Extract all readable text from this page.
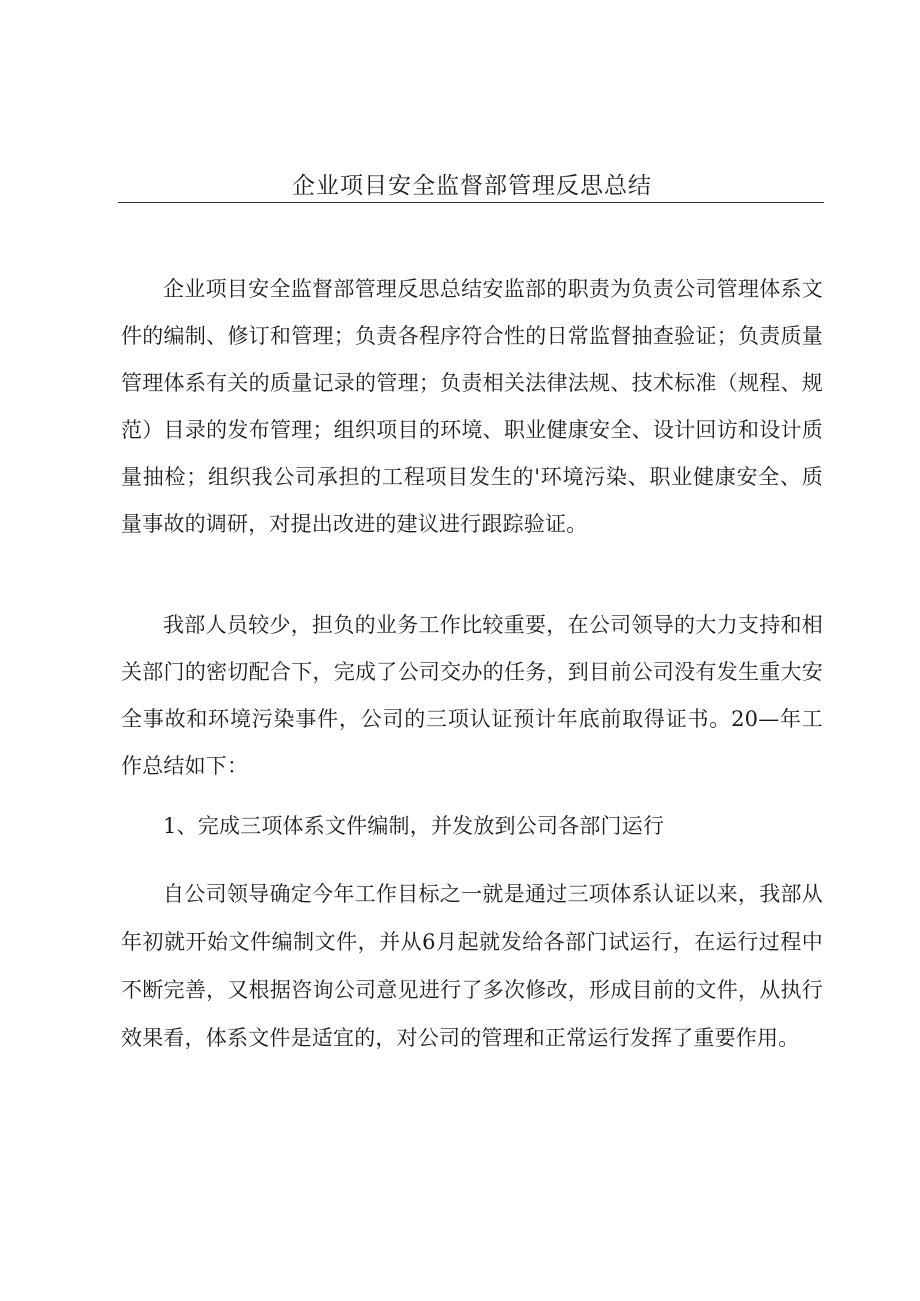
企业项目安全监督部管理反思总结

企业项目安全监督部管理反思总结安监部的职责为负责公司管理体系文件的编制、修订和管理；负责各程序符合性的日常监督抽查验证；负责质量管理体系有关的质量记录的管理；负责相关法律法规、技术标准（规程、规范）目录的发布管理；组织项目的环境、职业健康安全、设计回访和设计质量抽检；组织我公司承担的工程项目发生的'环境污染、职业健康安全、质量事故的调研，对提出改进的建议进行跟踪验证。

我部人员较少，担负的业务工作比较重要，在公司领导的大力支持和相关部门的密切配合下，完成了公司交办的任务，到目前公司没有发生重大安全事故和环境污染事件，公司的三项认证预计年底前取得证书。20—年工作总结如下：

1、完成三项体系文件编制，并发放到公司各部门运行

自公司领导确定今年工作目标之一就是通过三项体系认证以来，我部从年初就开始文件编制文件，并从6月起就发给各部门试运行，在运行过程中不断完善，又根据咨询公司意见进行了多次修改，形成目前的文件，从执行效果看，体系文件是适宜的，对公司的管理和正常运行发挥了重要作用。
